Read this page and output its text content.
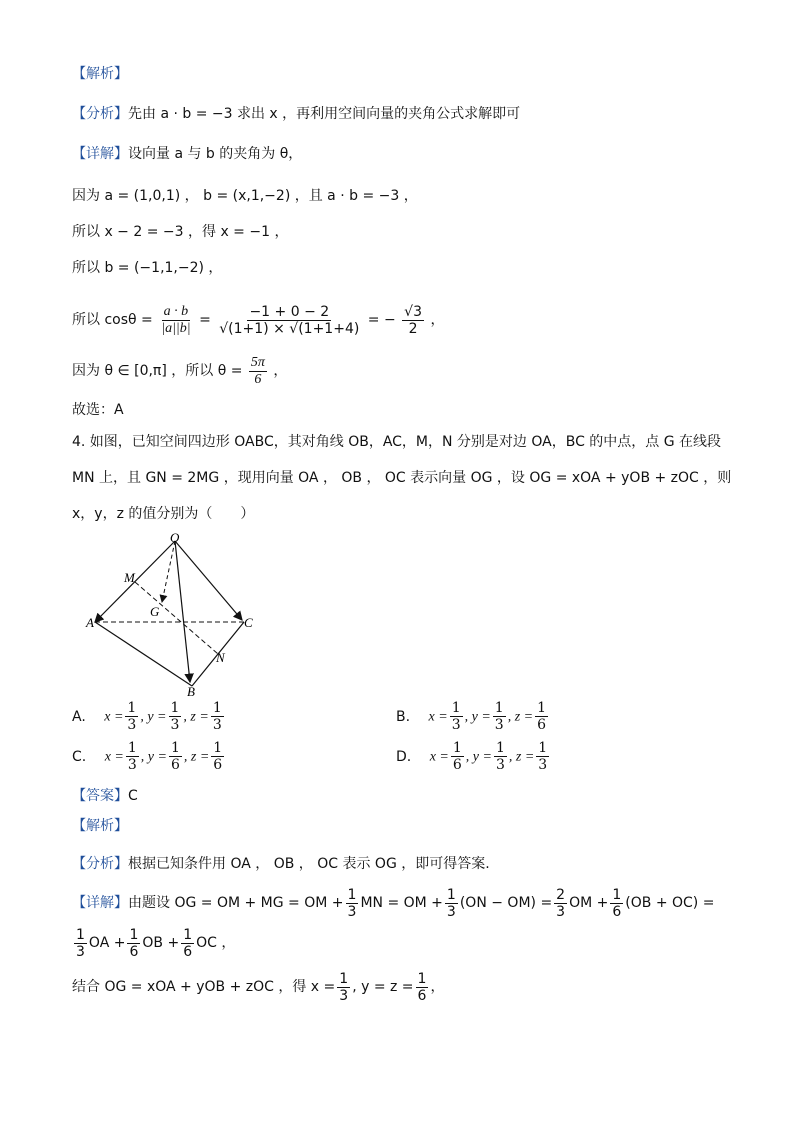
【解析】
【分析】先由 a · b = −3 求出 x ，再利用空间向量的夹角公式求解即可
【详解】设向量 a 与 b 的夹角为 θ，
因为 a = (1,0,1) ， b = (x,1,−2) ，且 a · b = −3 ，
所以 x − 2 = −3 ，得 x = −1 ，
所以 b = (−1,1,−2) ，
所以 $\cos\theta = \frac{a \cdot b}{|a||b|} = \frac{-1 + 0 - 2}{√(1+1) \times √(1+1+4)}$ = − $\frac{√3}{2}$ ，
因为 θ ∈ [0,π] ，所以 $\theta = \frac{5\pi}{6}$ ，
故选：A
4. 如图，已知空间四边形 OABC，其对角线 OB，AC，M，N 分别是对边 OA，BC 的中点，点 G 在线段
MN 上，且 GN = 2MG ，现用向量 OA ， OB ， OC 表示向量 OG ，设 OG = xOA + yOB + zOC ，则
x，y，z 的值分别为（　　）
O
M
G
A	C
N
B
A. $x = \frac{1}{3}$ , $y = \frac{1}{3}$ , $z = \frac{1}{3}$	B. $x = \frac{1}{3}$ , $y = \frac{1}{3}$ , $z = \frac{1}{6}$
C. $x = \frac{1}{3}$ , $y = \frac{1}{6}$ , $z = \frac{1}{6}$	D. $x = \frac{1}{6}$ , $y = \frac{1}{3}$ , $z = \frac{1}{3}$
【答案】C
【解析】
【分析】根据已知条件用 OA ， OB ， OC 表示 OG ，即可得答案.
【详解】由题设 OG = OM + MG = OM + $\frac{1}{3}$ MN = OM + $\frac{1}{3} (ON - OM) = \frac{2}{3}$ OM + $\frac{1}{6} (OB + OC)$ =
$\frac{1}{3}$ OA + $\frac{1}{6}$ OB + $\frac{1}{6}$ OC ，
结合 OG = xOA + yOB + zOC ，得 $x = \frac{1}{3}$ , $y = z = \frac{1}{6}$ ，
